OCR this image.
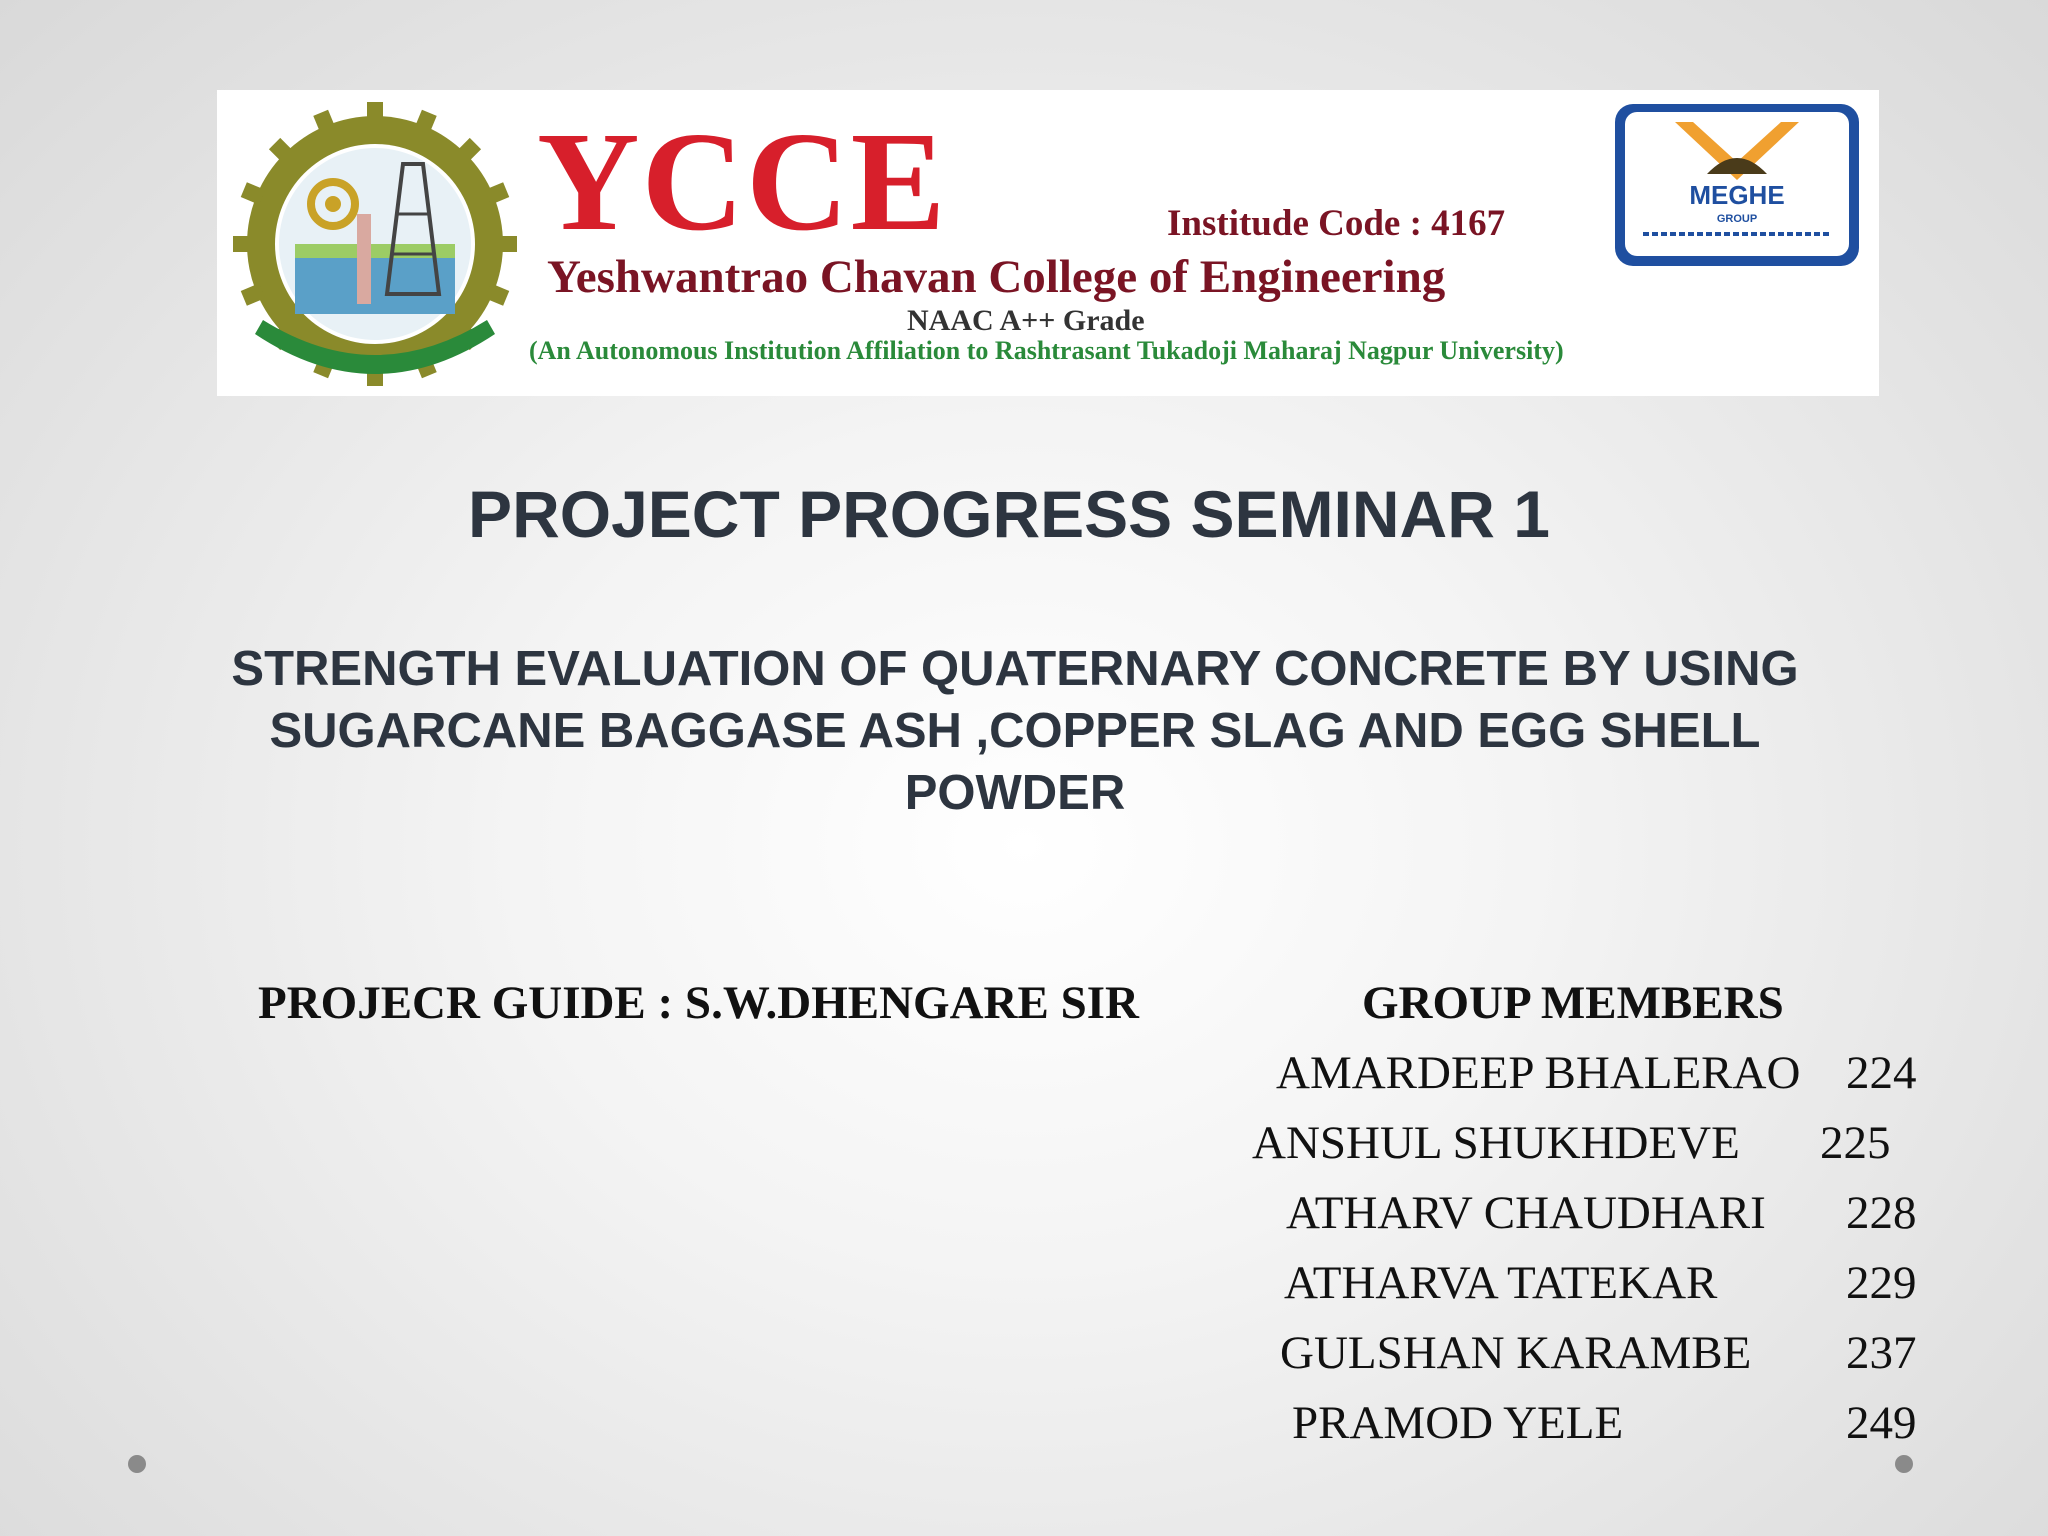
YCCE	Institude Code : 4167
Yeshwantrao Chavan College of Engineering
NAAC A++ Grade
(An Autonomous Institution Affiliation to Rashtrasant Tukadoji Maharaj Nagpur University)
MEGHE
GROUP
PROJECT PROGRESS SEMINAR 1
STRENGTH EVALUATION OF QUATERNARY CONCRETE BY USING
SUGARCANE BAGGASE ASH ,COPPER SLAG AND EGG SHELL
POWDER
PROJECR GUIDE : S.W.DHENGARE SIR	GROUP MEMBERS
AMARDEEP BHALERAO 224
ANSHUL SHUKHDEVE 225
ATHARV CHAUDHARI 228
ATHARVA TATEKAR	229
GULSHAN KARAMBE 237
PRAMOD YELE	249
